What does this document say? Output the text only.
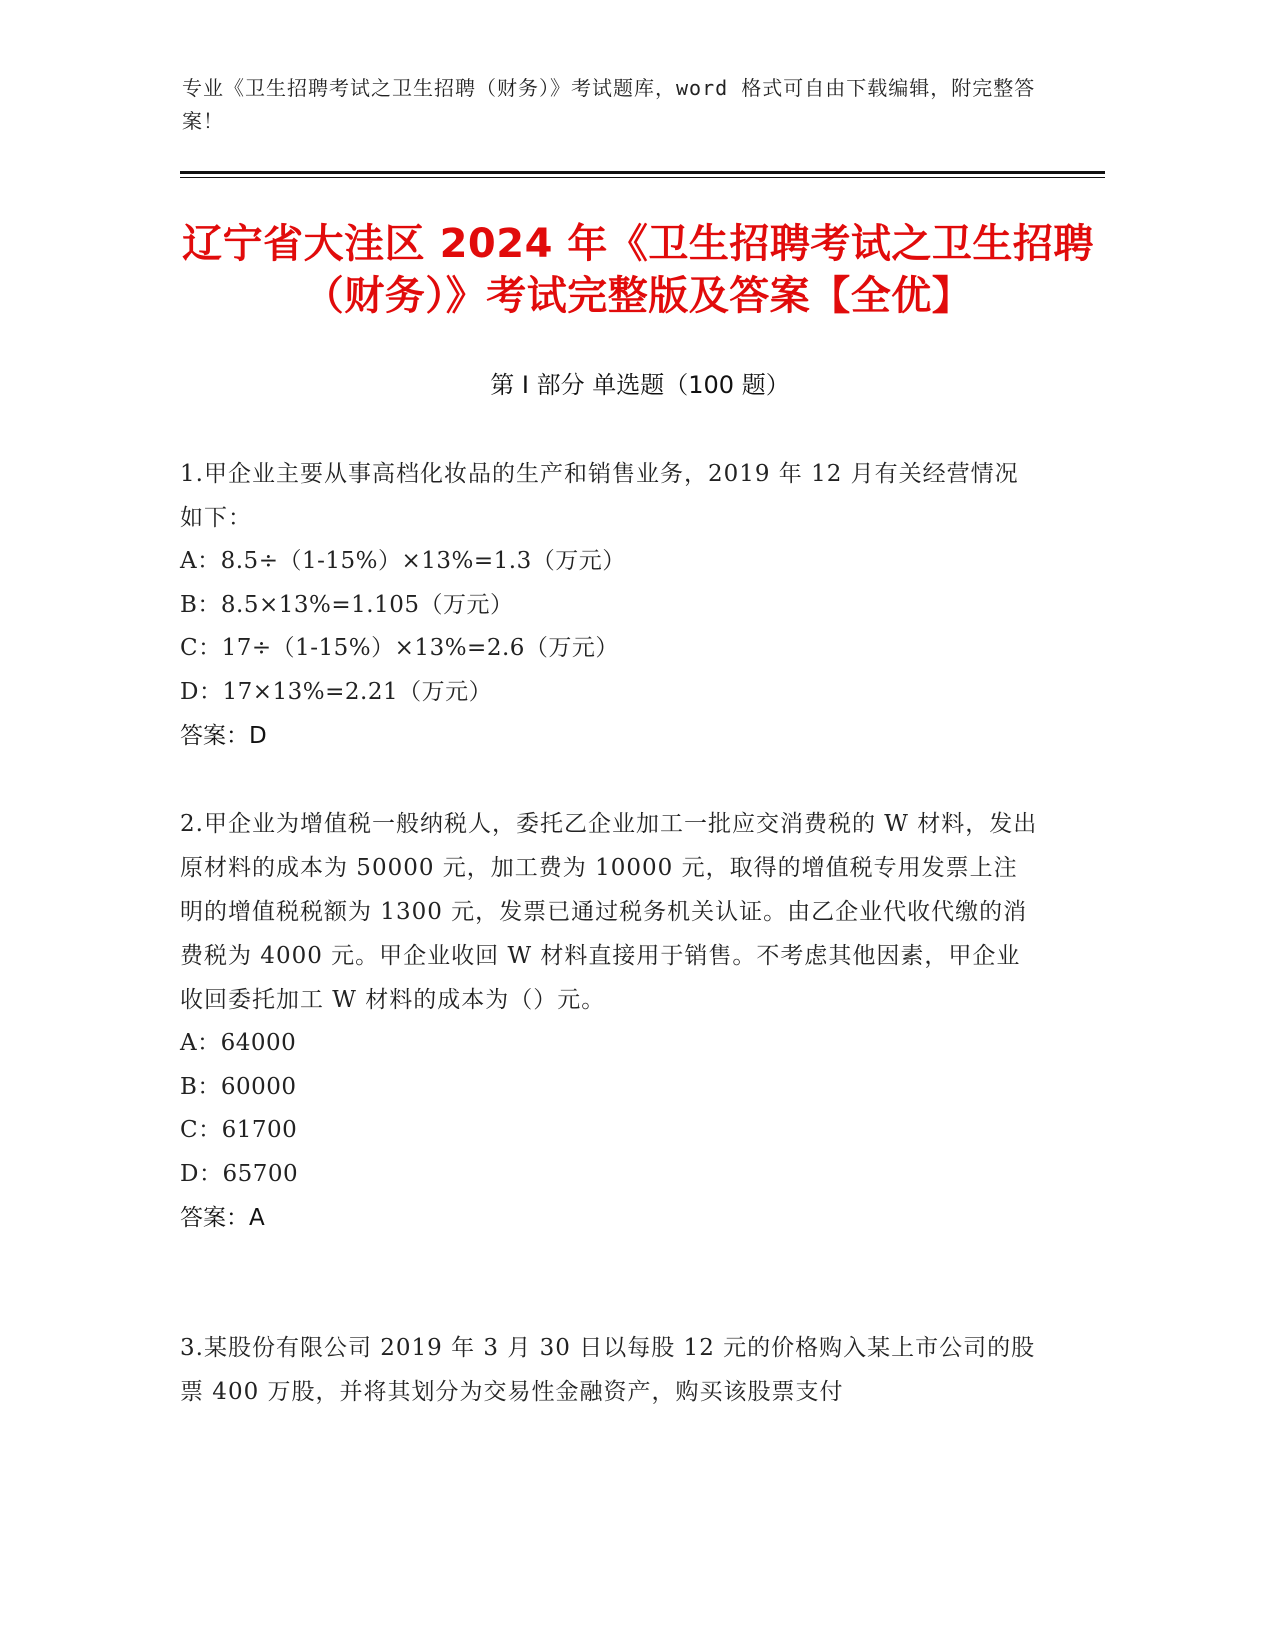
专业《卫生招聘考试之卫生招聘（财务）》考试题库，word 格式可自由下载编辑，附完整答案！
辽宁省大洼区 2024 年《卫生招聘考试之卫生招聘（财务）》考试完整版及答案【全优】
第 I 部分 单选题（100 题）
1.甲企业主要从事高档化妆品的生产和销售业务，2019 年 12 月有关经营情况如下：
A：8.5÷（1-15%）×13%=1.3（万元）
B：8.5×13%=1.105（万元）
C：17÷（1-15%）×13%=2.6（万元）
D：17×13%=2.21（万元）
答案：D
2.甲企业为增值税一般纳税人，委托乙企业加工一批应交消费税的 W 材料，发出原材料的成本为 50000 元，加工费为 10000 元，取得的增值税专用发票上注明的增值税税额为 1300 元，发票已通过税务机关认证。由乙企业代收代缴的消费税为 4000 元。甲企业收回 W 材料直接用于销售。不考虑其他因素，甲企业收回委托加工 W 材料的成本为（）元。
A：64000
B：60000
C：61700
D：65700
答案：A
3.某股份有限公司 2019 年 3 月 30 日以每股 12 元的价格购入某上市公司的股票 400 万股，并将其划分为交易性金融资产，购买该股票支付
